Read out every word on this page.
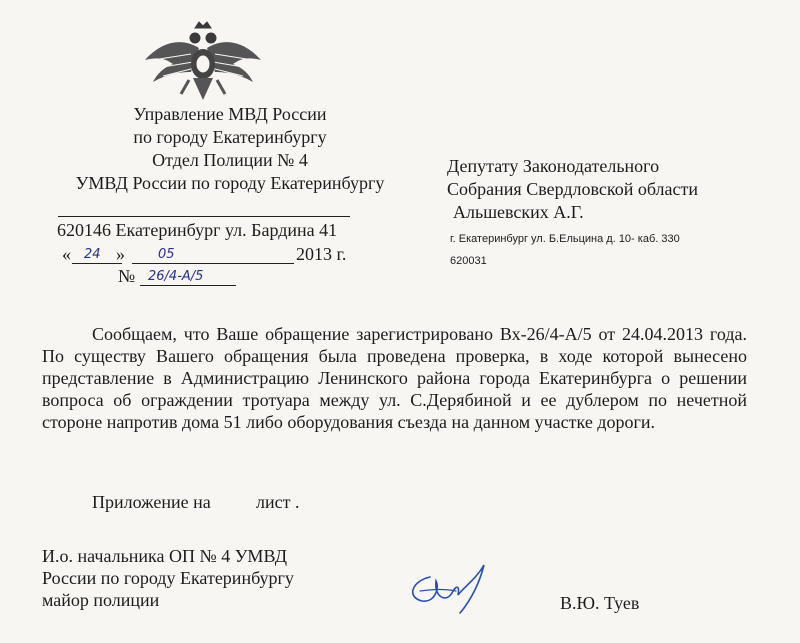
Управление МВД России
по городу Екатеринбургу
Отдел Полиции № 4
УМВД России по городу Екатеринбургу
620146 Екатеринбург ул. Бардина 41
« 24 »	05	2013 г.
№ 26/4-А/5
Депутату Законодательного
Собрания Свердловской области
Альшевских А.Г.
г. Екатеринбург ул. Б.Ельцина д. 10- каб. 330
620031
Сообщаем, что Ваше обращение зарегистрировано Вх-26/4-А/5 от 24.04.2013 года. По существу Вашего обращения была проведена проверка, в ходе которой вынесено представление в Администрацию Ленинского района города Екатеринбурга о решении вопроса об ограждении тротуара между ул. С.Дерябиной и ее дублером по нечетной стороне напротив дома 51 либо оборудования съезда на данном участке дороги.
Приложение на	лист .
И.о. начальника ОП № 4 УМВД
России по городу Екатеринбургу
майор полиции	В.Ю. Туев
